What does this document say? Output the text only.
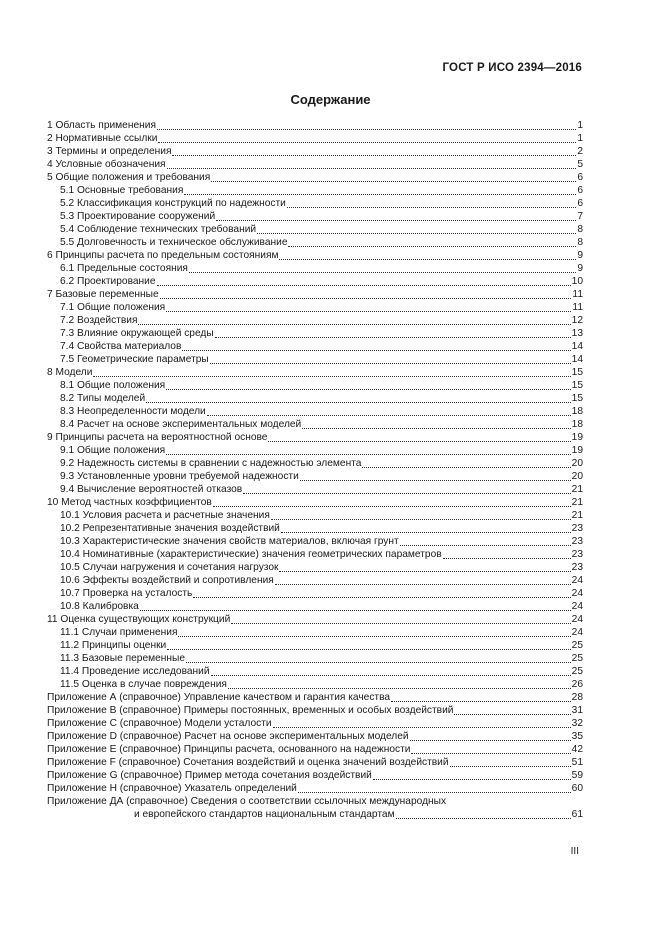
ГОСТ Р ИСО 2394—2016
Содержание
1 Область применения	1
2 Нормативные ссылки	1
3 Термины и определения	2
4 Условные обозначения	5
5 Общие положения и требования	6
5.1 Основные требования	6
5.2 Классификация конструкций по надежности	6
5.3 Проектирование сооружений	7
5.4 Соблюдение технических требований	8
5.5 Долговечность и техническое обслуживание	8
6 Принципы расчета по предельным состояниям	9
6.1 Предельные состояния	9
6.2 Проектирование	10
7 Базовые переменные	11
7.1 Общие положения	11
7.2 Воздействия	12
7.3 Влияние окружающей среды	13
7.4 Свойства материалов	14
7.5 Геометрические параметры	14
8 Модели	15
8.1 Общие положения	15
8.2 Типы моделей	15
8.3 Неопределенности модели	18
8.4 Расчет на основе экспериментальных моделей	18
9 Принципы расчета на вероятностной основе	19
9.1 Общие положения	19
9.2 Надежность системы в сравнении с надежностью элемента	20
9.3 Установленные уровни требуемой надежности	20
9.4 Вычисление вероятностей отказов	21
10 Метод частных коэффициентов	21
10.1 Условия расчета и расчетные значения	21
10.2 Репрезентативные значения воздействий	23
10.3 Характеристические значения свойств материалов, включая грунт	23
10.4 Номинативные (характеристические) значения геометрических параметров	23
10.5 Случаи нагружения и сочетания нагрузок	23
10.6 Эффекты воздействий и сопротивления	24
10.7 Проверка на усталость	24
10.8 Калибровка	24
11 Оценка существующих конструкций	24
11.1 Случаи применения	24
11.2 Принципы оценки	25
11.3 Базовые переменные	25
11.4 Проведение исследований	25
11.5 Оценка в случае повреждения	26
Приложение А (справочное) Управление качеством и гарантия качества	28
Приложение В (справочное) Примеры постоянных, временных и особых воздействий	31
Приложение С (справочное) Модели усталости	32
Приложение D (справочное) Расчет на основе экспериментальных моделей	35
Приложение Е (справочное) Принципы расчета, основанного на надежности	42
Приложение F (справочное) Сочетания воздействий и оценка значений воздействий	51
Приложение G (справочное) Пример метода сочетания воздействий	59
Приложение Н (справочное) Указатель определений	60
Приложение ДА (справочное) Сведения о соответствии ссылочных международных
и европейского стандартов национальным стандартам	61
III
